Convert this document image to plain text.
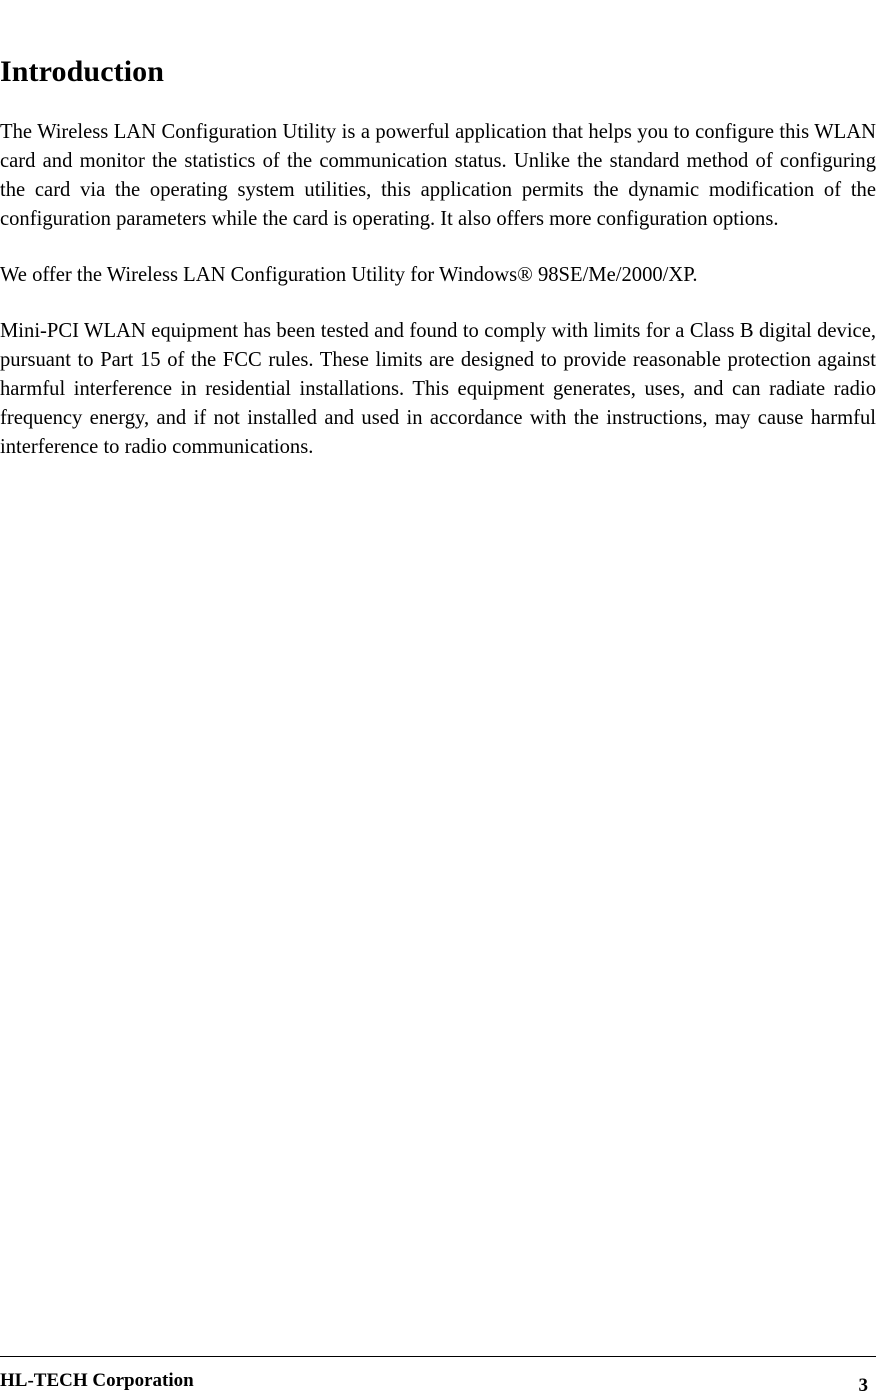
Introduction

The Wireless LAN Configuration Utility is a powerful application that helps you to configure this WLAN card and monitor the statistics of the communication status. Unlike the standard method of configuring the card via the operating system utilities, this application permits the dynamic modification of the configuration parameters while the card is operating. It also offers more configuration options.

We offer the Wireless LAN Configuration Utility for Windows® 98SE/Me/2000/XP.

Mini-PCI WLAN equipment has been tested and found to comply with limits for a Class B digital device, pursuant to Part 15 of the FCC rules. These limits are designed to provide reasonable protection against harmful interference in residential installations. This equipment generates, uses, and can radiate radio frequency energy, and if not installed and used in accordance with the instructions, may cause harmful interference to radio communications.

HL-TECH Corporation	3
